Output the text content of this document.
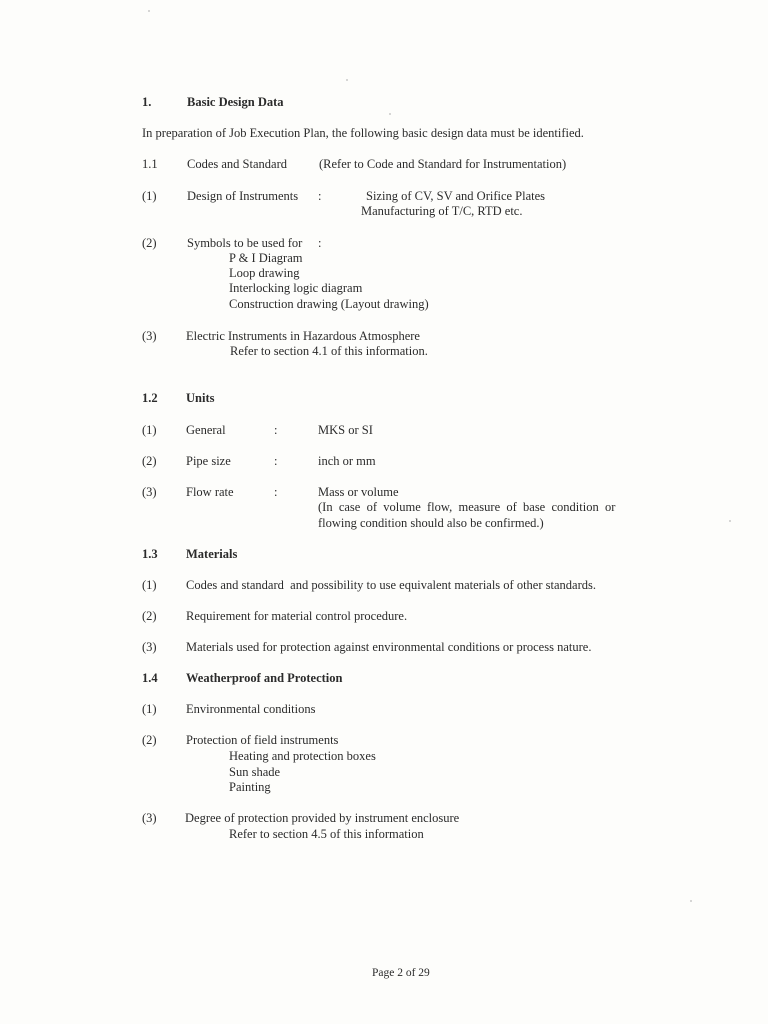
1.	Basic Design Data
In preparation of Job Execution Plan, the following basic design data must be identified.
1.1 Codes and Standard	(Refer to Code and Standard for Instrumentation)
(1) Design of Instruments :	Sizing of CV, SV and Orifice Plates
Manufacturing of T/C, RTD etc.
(2) Symbols to be used for :
P & I Diagram
Loop drawing
Interlocking logic diagram
Construction drawing (Layout drawing)
(3) Electric Instruments in Hazardous Atmosphere
Refer to section 4.1 of this information.
1.2 Units
(1) General	:	MKS or SI
(2) Pipe size	:	inch or mm
(3) Flow rate	:	Mass or volume
(In  case  of  volume  flow,  measure  of  base  condition  or
flowing condition should also be confirmed.)
1.3 Materials
(1) Codes and standard  and possibility to use equivalent materials of other standards.
(2) Requirement for material control procedure.
(3) Materials used for protection against environmental conditions or process nature.
1.4 Weatherproof and Protection
(1) Environmental conditions
(2) Protection of field instruments
Heating and protection boxes
Sun shade
Painting
(3) Degree of protection provided by instrument enclosure
Refer to section 4.5 of this information
Page 2 of 29
